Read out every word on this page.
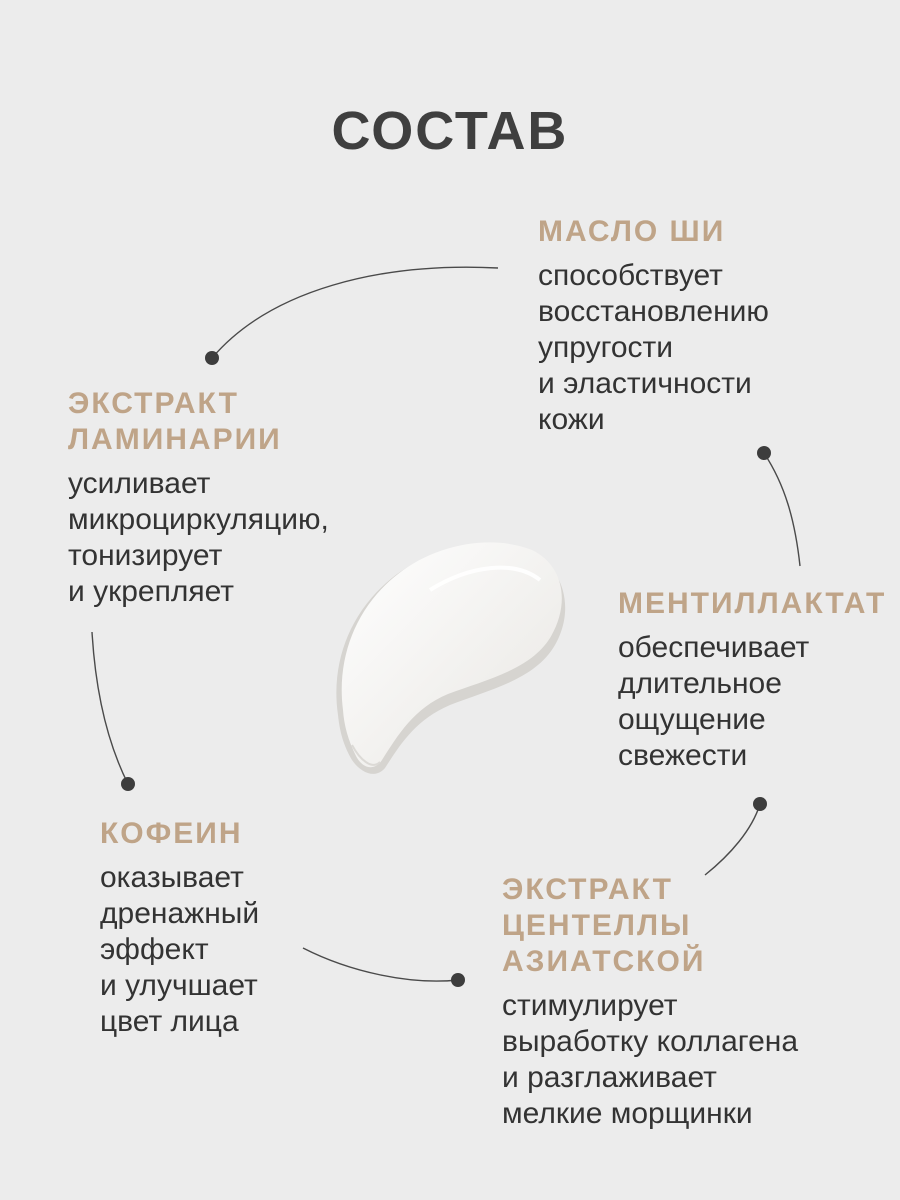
СОСТАВ

МАСЛО ШИ

способствует
восстановлению
упругости
и эластичности
кожи

ЭКСТРАКТ
ЛАМИНАРИИ

усиливает
микроциркуляцию,
тонизирует
и укрепляет	МЕНТИЛЛАКТАТ

обеспечивает
длительное
ощущение
свежести

КОФЕИН

оказывает
дренажный
эффект
и улучшает
цвет лица

ЭКСТРАКТ
ЦЕНТЕЛЛЫ
АЗИАТСКОЙ

стимулирует
выработку коллагена
и разглаживает
мелкие морщинки
